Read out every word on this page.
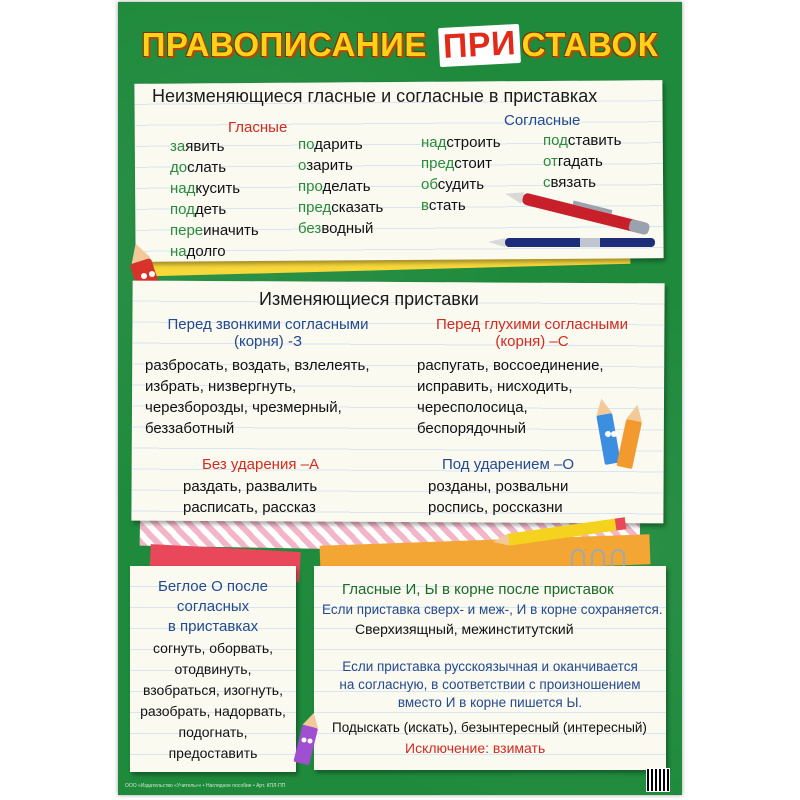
ПРАВОПИСАНИЕ ПРИ СТАВОК
Неизменяющиеся гласные и согласные в приставках
Гласные	Согласные
заявить
дослать
надкусить
поддеть
переиначить
надолго
подарить
озарить
проделать
предсказать
безводный
надстроить
предстоит
обсудить
встать
подставить
отгадать
связать
Изменяющиеся приставки
Перед звонкими согласными
(корня) -З
Перед глухими согласными
(корня) –С
разбросать, воздать, взлелеять,
избрать, низвергнуть,
черезборозды, чрезмерный,
беззаботный
распугать, воссоединение,
исправить, нисходить,
чересполосица,
беспорядочный
Без ударения –А
раздать, развалить
расписать, рассказ
Под ударением –О
розданы, розвальни
роспись, россказни
Беглое О после
согласных
в приставках
согнуть, оборвать,
отодвинуть,
взобраться, изогнуть,
разобрать, надорвать,
подогнать,
предоставить
Гласные И, Ы в корне после приставок
Если приставка сверх- и меж-, И в корне сохраняется.
Сверхизящный, межинститутский
Если приставка русскоязычная и оканчивается
на согласную, в соответствии с произношением
вместо И в корне пишется Ы.
Подыскать (искать), безынтересный (интересный)
Исключение: взимать
ООО «Издательство «Учитель»» • Наглядное пособие • Арт. КПЛ-ПП
